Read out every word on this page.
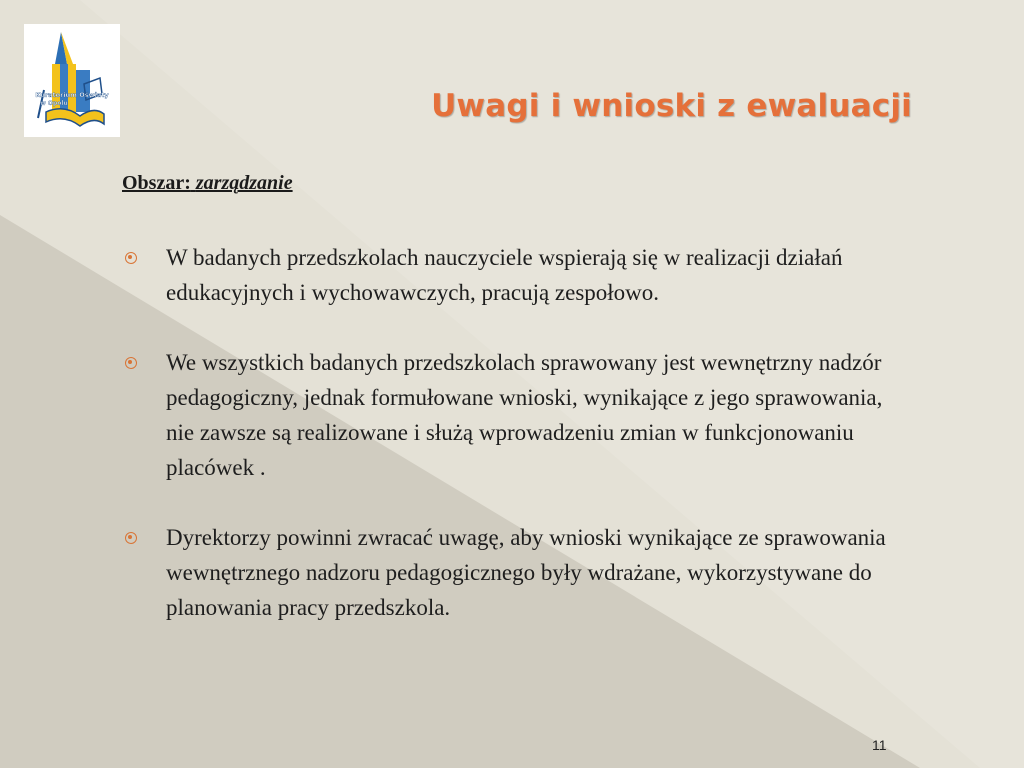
Kuratorium Oświaty
w Opolu	Uwagi i wnioski z ewaluacji
Obszar: zarządzanie
W badanych przedszkolach nauczyciele wspierają się w realizacji działań edukacyjnych i wychowawczych, pracują zespołowo.
We wszystkich badanych przedszkolach sprawowany jest wewnętrzny nadzór pedagogiczny, jednak formułowane wnioski, wynikające z jego sprawowania, nie zawsze są realizowane i służą wprowadzeniu zmian w funkcjonowaniu placówek .
Dyrektorzy powinni zwracać uwagę, aby wnioski wynikające ze sprawowania wewnętrznego nadzoru pedagogicznego były wdrażane, wykorzystywane do planowania pracy przedszkola.
11
